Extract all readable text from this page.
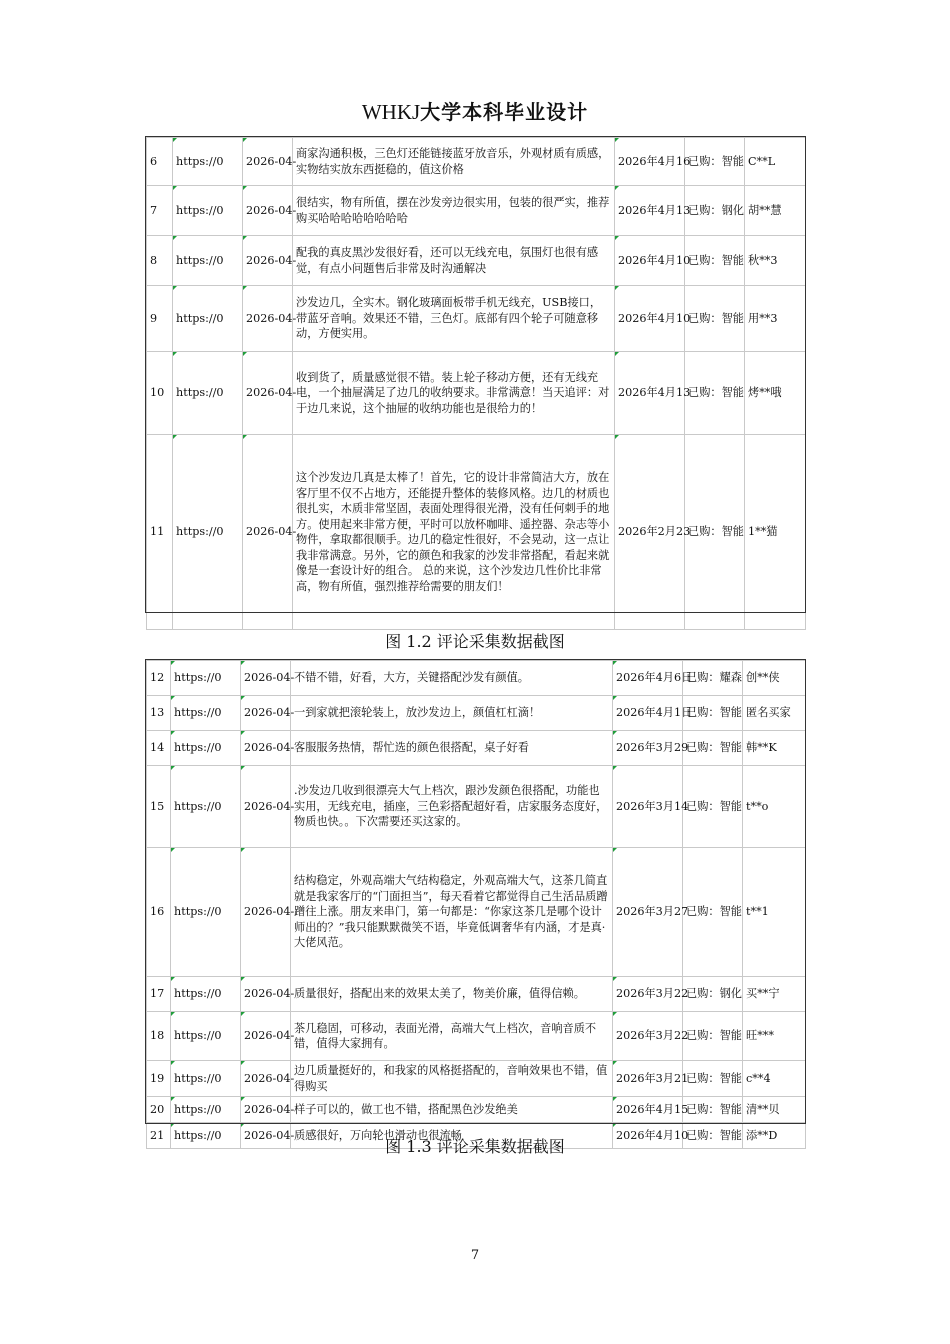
WHKJ大学本科毕业设计
6	https://0	2026-04-	商家沟通积极，三色灯还能链接蓝牙放音乐，外观材质有质感，实物结实放东西挺稳的，值这价格	2026年4月16	已购：智能	C**L
7	https://0	2026-04-	很结实，物有所值，摆在沙发旁边很实用，包装的很严实，推荐购买哈哈哈哈哈哈哈哈	2026年4月13	已购：钢化	胡**慧
8	https://0	2026-04-	配我的真皮黑沙发很好看，还可以无线充电，氛围灯也很有感觉，有点小问题售后非常及时沟通解决	2026年4月10	已购：智能	秋**3
9	https://0	2026-04-	沙发边几，全实木。钢化玻璃面板带手机无线充，USB接口，带蓝牙音响。效果还不错，三色灯。底部有四个轮子可随意移动，方便实用。	2026年4月10	已购：智能	用**3
10	https://0	2026-04-	收到货了，质量感觉很不错。装上轮子移动方便，还有无线充电，一个抽屉满足了边几的收纳要求。非常满意！当天追评：对于边几来说，这个抽屉的收纳功能也是很给力的！	2026年4月13	已购：智能	烤**哦
11	https://0	2026-04-	这个沙发边几真是太棒了！首先，它的设计非常简洁大方，放在客厅里不仅不占地方，还能提升整体的装修风格。边几的材质也很扎实，木质非常坚固，表面处理得很光滑，没有任何刺手的地方。使用起来非常方便，平时可以放杯咖啡、遥控器、杂志等小物件，拿取都很顺手。边几的稳定性很好，不会晃动，这一点让我非常满意。另外，它的颜色和我家的沙发非常搭配，看起来就像是一套设计好的组合。 总的来说，这个沙发边几性价比非常高，物有所值，强烈推荐给需要的朋友们！	2026年2月23	已购：智能	1**猫
图 1.2 评论采集数据截图
12	https://0	2026-04-	不错不错，好看，大方，关键搭配沙发有颜值。	2026年4月6日	已购：耀森	创**侠
13	https://0	2026-04-	一到家就把滚轮装上，放沙发边上，颜值杠杠滴！	2026年4月1日	已购：智能	匿名买家
14	https://0	2026-04-	客服服务热情，帮忙选的颜色很搭配，桌子好看	2026年3月29	已购：智能	韩**K
15	https://0	2026-04-	.沙发边几收到很漂亮大气上档次，跟沙发颜色很搭配，功能也实用，无线充电，插座，三色彩搭配超好看，店家服务态度好，物质也快。。下次需要还买这家的。	2026年3月14	已购：智能	t**o
16	https://0	2026-04-	结构稳定，外观高端大气结构稳定，外观高端大气，这茶几简直就是我家客厅的“门面担当”，每天看着它都觉得自己生活品质蹭蹭往上涨。朋友来串门，第一句都是：“你家这茶几是哪个设计师出的？”我只能默默微笑不语，毕竟低调奢华有内涵，才是真·大佬风范。	2026年3月27	已购：智能	t**1
17	https://0	2026-04-	质量很好，搭配出来的效果太美了，物美价廉，值得信赖。	2026年3月22	已购：钢化	买**宁
18	https://0	2026-04-	茶几稳固，可移动，表面光滑，高端大气上档次，音响音质不错，值得大家拥有。	2026年3月22	已购：智能	旺***
19	https://0	2026-04-	边几质量挺好的，和我家的风格挺搭配的，音响效果也不错，值得购买	2026年3月21	已购：智能	c**4
20	https://0	2026-04-	样子可以的，做工也不错，搭配黑色沙发绝美	2026年4月15	已购：智能	清**贝
21	https://0	2026-04-	质感很好，万向轮也滑动也很流畅	2026年4月10	已购：智能	添**D
图 1.3 评论采集数据截图
7
